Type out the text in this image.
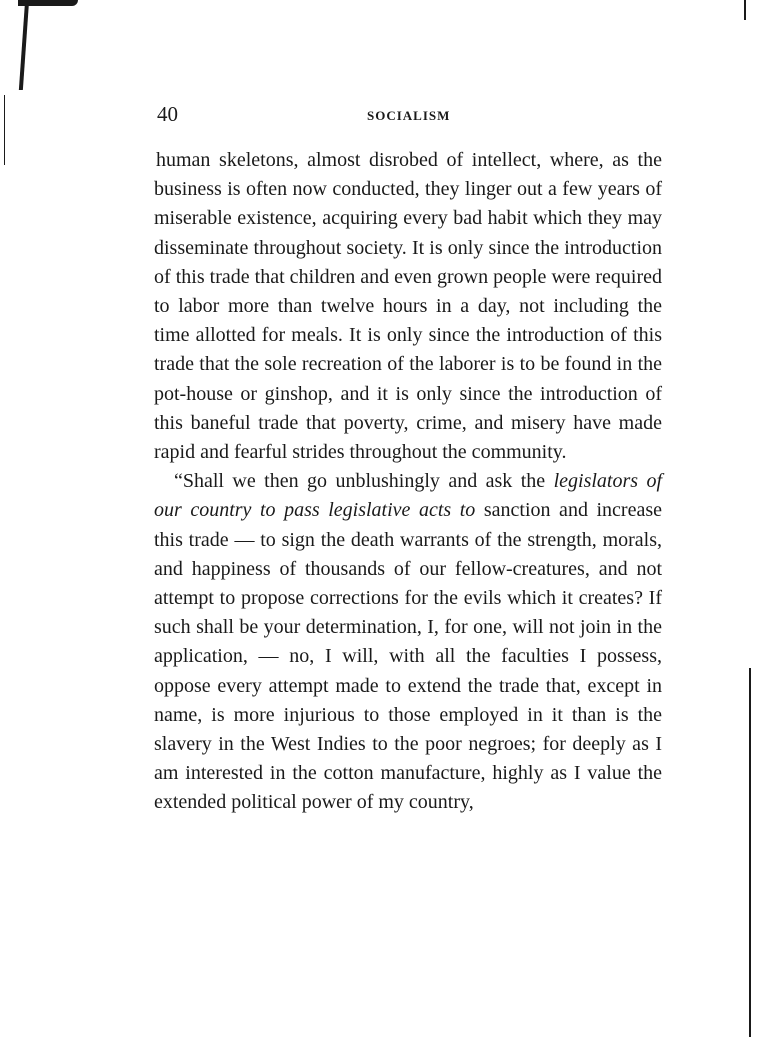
40	SOCIALISM

human skeletons, almost disrobed of intellect, where, as the business is often now conducted, they linger out a few years of miserable existence, acquiring every bad habit which they may disseminate throughout society. It is only since the introduction of this trade that children and even grown people were required to labor more than twelve hours in a day, not including the time allotted for meals. It is only since the introduction of this trade that the sole recreation of the laborer is to be found in the pot-house or ginshop, and it is only since the introduction of this baneful trade that poverty, crime, and misery have made rapid and fearful strides throughout the community.

“Shall we then go unblushingly and ask the legislators of our country to pass legislative acts to sanction and increase this trade — to sign the death warrants of the strength, morals, and happiness of thousands of our fellow-creatures, and not attempt to propose corrections for the evils which it creates? If such shall be your determination, I, for one, will not join in the application, — no, I will, with all the faculties I possess, oppose every attempt made to extend the trade that, except in name, is more injurious to those employed in it than is the slavery in the West Indies to the poor negroes; for deeply as I am interested in the cotton manufacture, highly as I value the extended political power of my country,
